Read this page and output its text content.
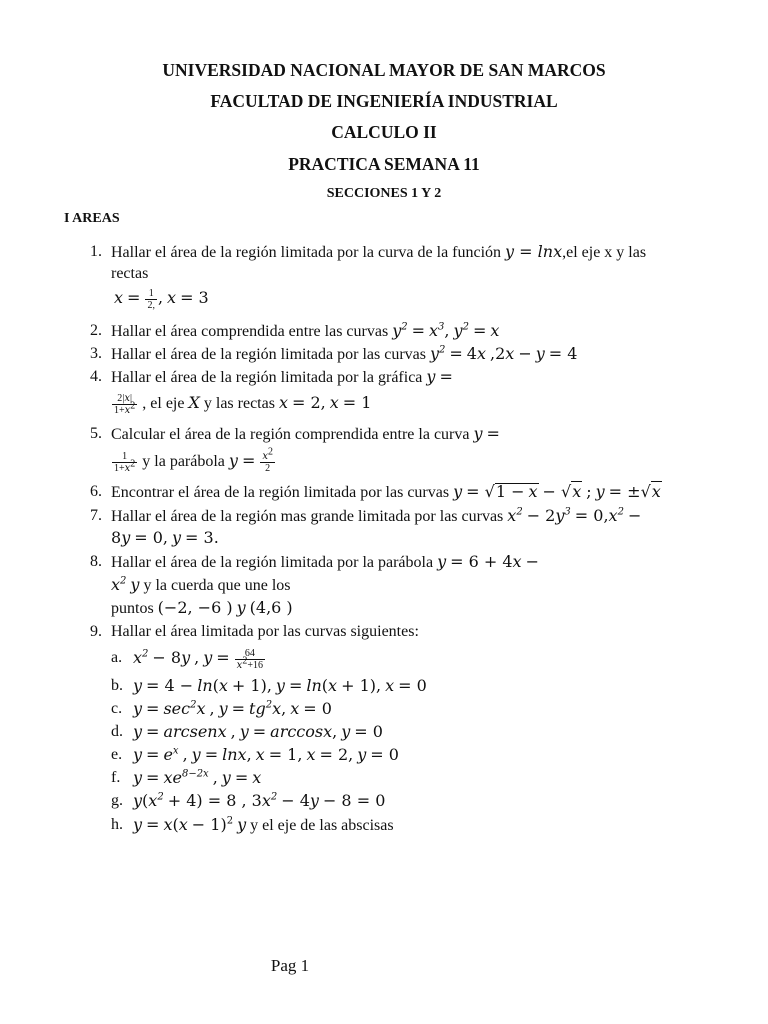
UNIVERSIDAD NACIONAL MAYOR DE SAN MARCOS
FACULTAD DE INGENIERÍA INDUSTRIAL
CALCULO II
PRACTICA SEMANA 11
SECCIONES 1 Y 2
I AREAS
1. Hallar el área de la región limitada por la curva de la función y = lnx,el eje x y las
rectas
$x = \frac{1}{2,}$ , x = 3
2. Hallar el área comprendida entre las curvas $y^2 = x^3$, $y^2 = x$
3. Hallar el área de la región limitada por las curvas $y^2 = 4x$ ,2x − y = 4
4. Hallar el área de la región limitada por la gráfica y =
$\frac{2|x|}{1+x^2}$ , el eje X y las rectas x = 2, x = 1
5. Calcular el área de la región comprendida entre la curva y =
$\frac{1}{1+x^2}$ y la parábola $y = \frac{x^2}{2}$
6. Encontrar el área de la región limitada por las curvas y = √1 − x − √x ; y = ±√x
7. Hallar el área de la región mas grande limitada por las curvas $x^2 - 2y^3 = 0,x^2$ −
8y = 0, y = 3.
8. Hallar el área de la región limitada por la parábola y = 6 + 4x −
$x^2$ y y la cuerda que une los
puntos (−2, −6 ) y (4,6 )
9. Hallar el área limitada por las curvas siguientes:
a. $x^2 - 8y$ , $y = \frac{64}{x^2+16}$
b. y = 4 − ln(x + 1), y = ln(x + 1), x = 0
c. $y = \sec^2x$ , $y = tg^2x$, x = 0
d. y = arcsenx , y = arccosx, y = 0
e. $y = e^x$ , y = lnx, x = 1, x = 2, y = 0
f. $y = xe^{8-2x}$ , y = x
g. $y(x^2 + 4) = 8$ , $3x^2 - 4y - 8 = 0$
h. $y = x(x - 1)^2$ y y el eje de las abscisas
Pag 1
